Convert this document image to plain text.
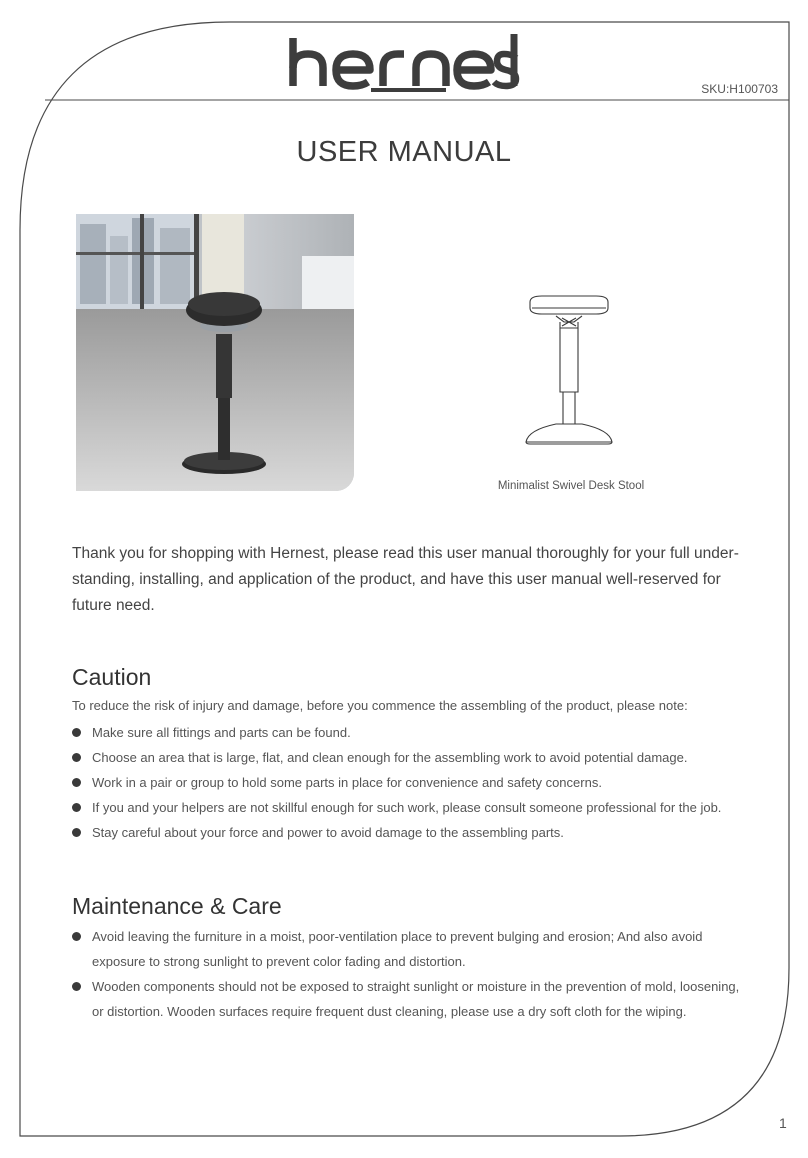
SKU:H100703
USER MANUAL
Minimalist Swivel Desk Stool

Thank you for shopping with Hernest, please read this user manual thoroughly for your full under-standing, installing, and application of the product, and have this user manual well-reserved for future need.

Caution

To reduce the risk of injury and damage, before you commence the assembling of the product, please note:

Make sure all fittings and parts can be found.
Choose an area that is large, flat, and clean enough for the assembling work to avoid potential damage.
Work in a pair or group to hold some parts in place for convenience and safety concerns.
If you and your helpers are not skillful enough for such work, please consult someone professional for the job.
Stay careful about your force and power to avoid damage to the assembling parts.
Maintenance & Care
Avoid leaving the furniture in a moist, poor-ventilation place to prevent bulging and erosion; And also avoid exposure to strong sunlight to prevent color fading and distortion.
Wooden components should not be exposed to straight sunlight or moisture in the prevention of mold, loosening, or distortion. Wooden surfaces require frequent dust cleaning, please use a dry soft cloth for the wiping.
1
